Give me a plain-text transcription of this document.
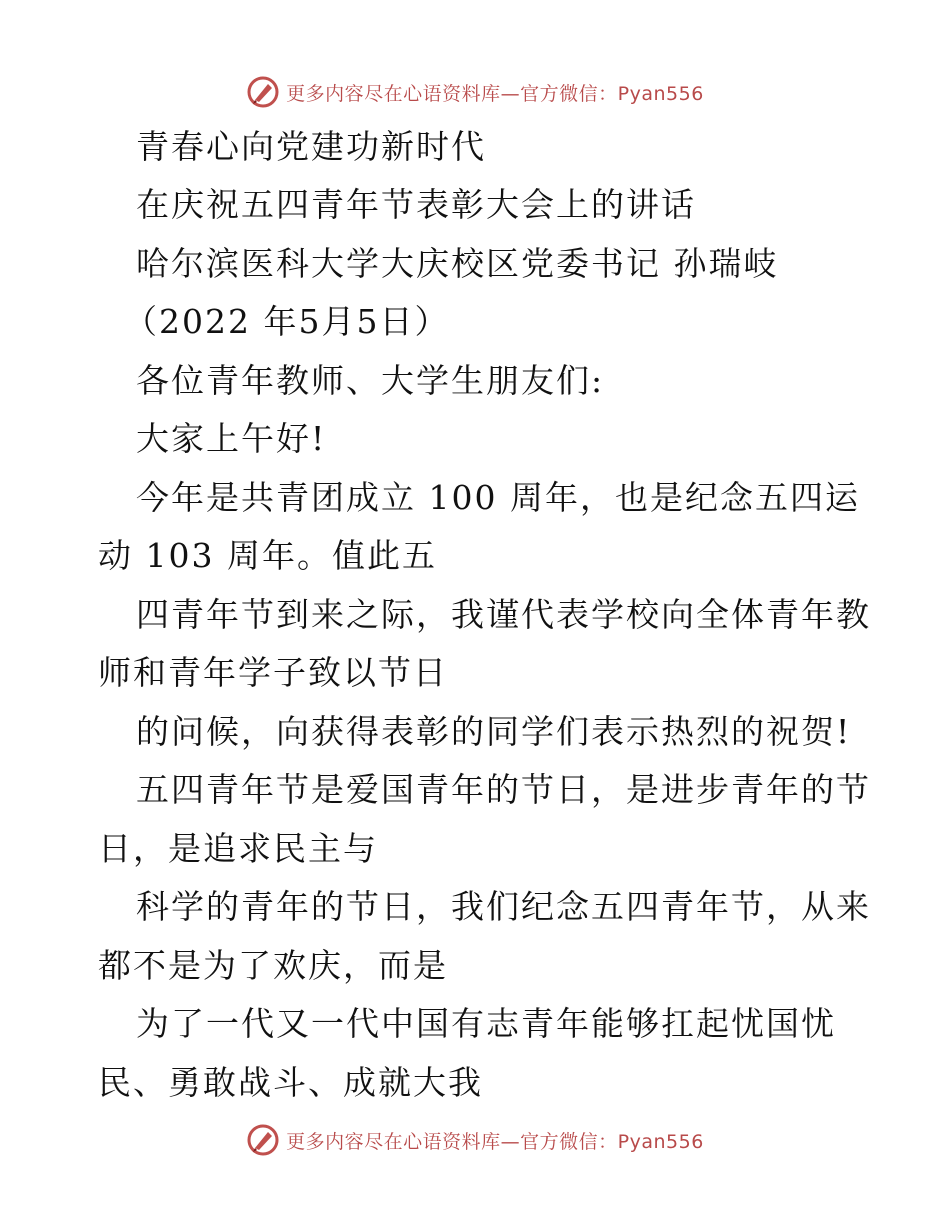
更多内容尽在心语资料库—官方微信：Pyan556
青春心向党建功新时代
在庆祝五四青年节表彰大会上的讲话
哈尔滨医科大学大庆校区党委书记 孙瑞岐
（2022 年5月5日）
各位青年教师、大学生朋友们:
大家上午好!
今年是共青团成立 100 周年，也是纪念五四运
动 103 周年。值此五
四青年节到来之际，我谨代表学校向全体青年教
师和青年学子致以节日
的问候，向获得表彰的同学们表示热烈的祝贺!
五四青年节是爱国青年的节日，是进步青年的节
日，是追求民主与
科学的青年的节日，我们纪念五四青年节，从来
都不是为了欢庆，而是
为了一代又一代中国有志青年能够扛起忧国忧
民、勇敢战斗、成就大我
更多内容尽在心语资料库—官方微信：Pyan556
